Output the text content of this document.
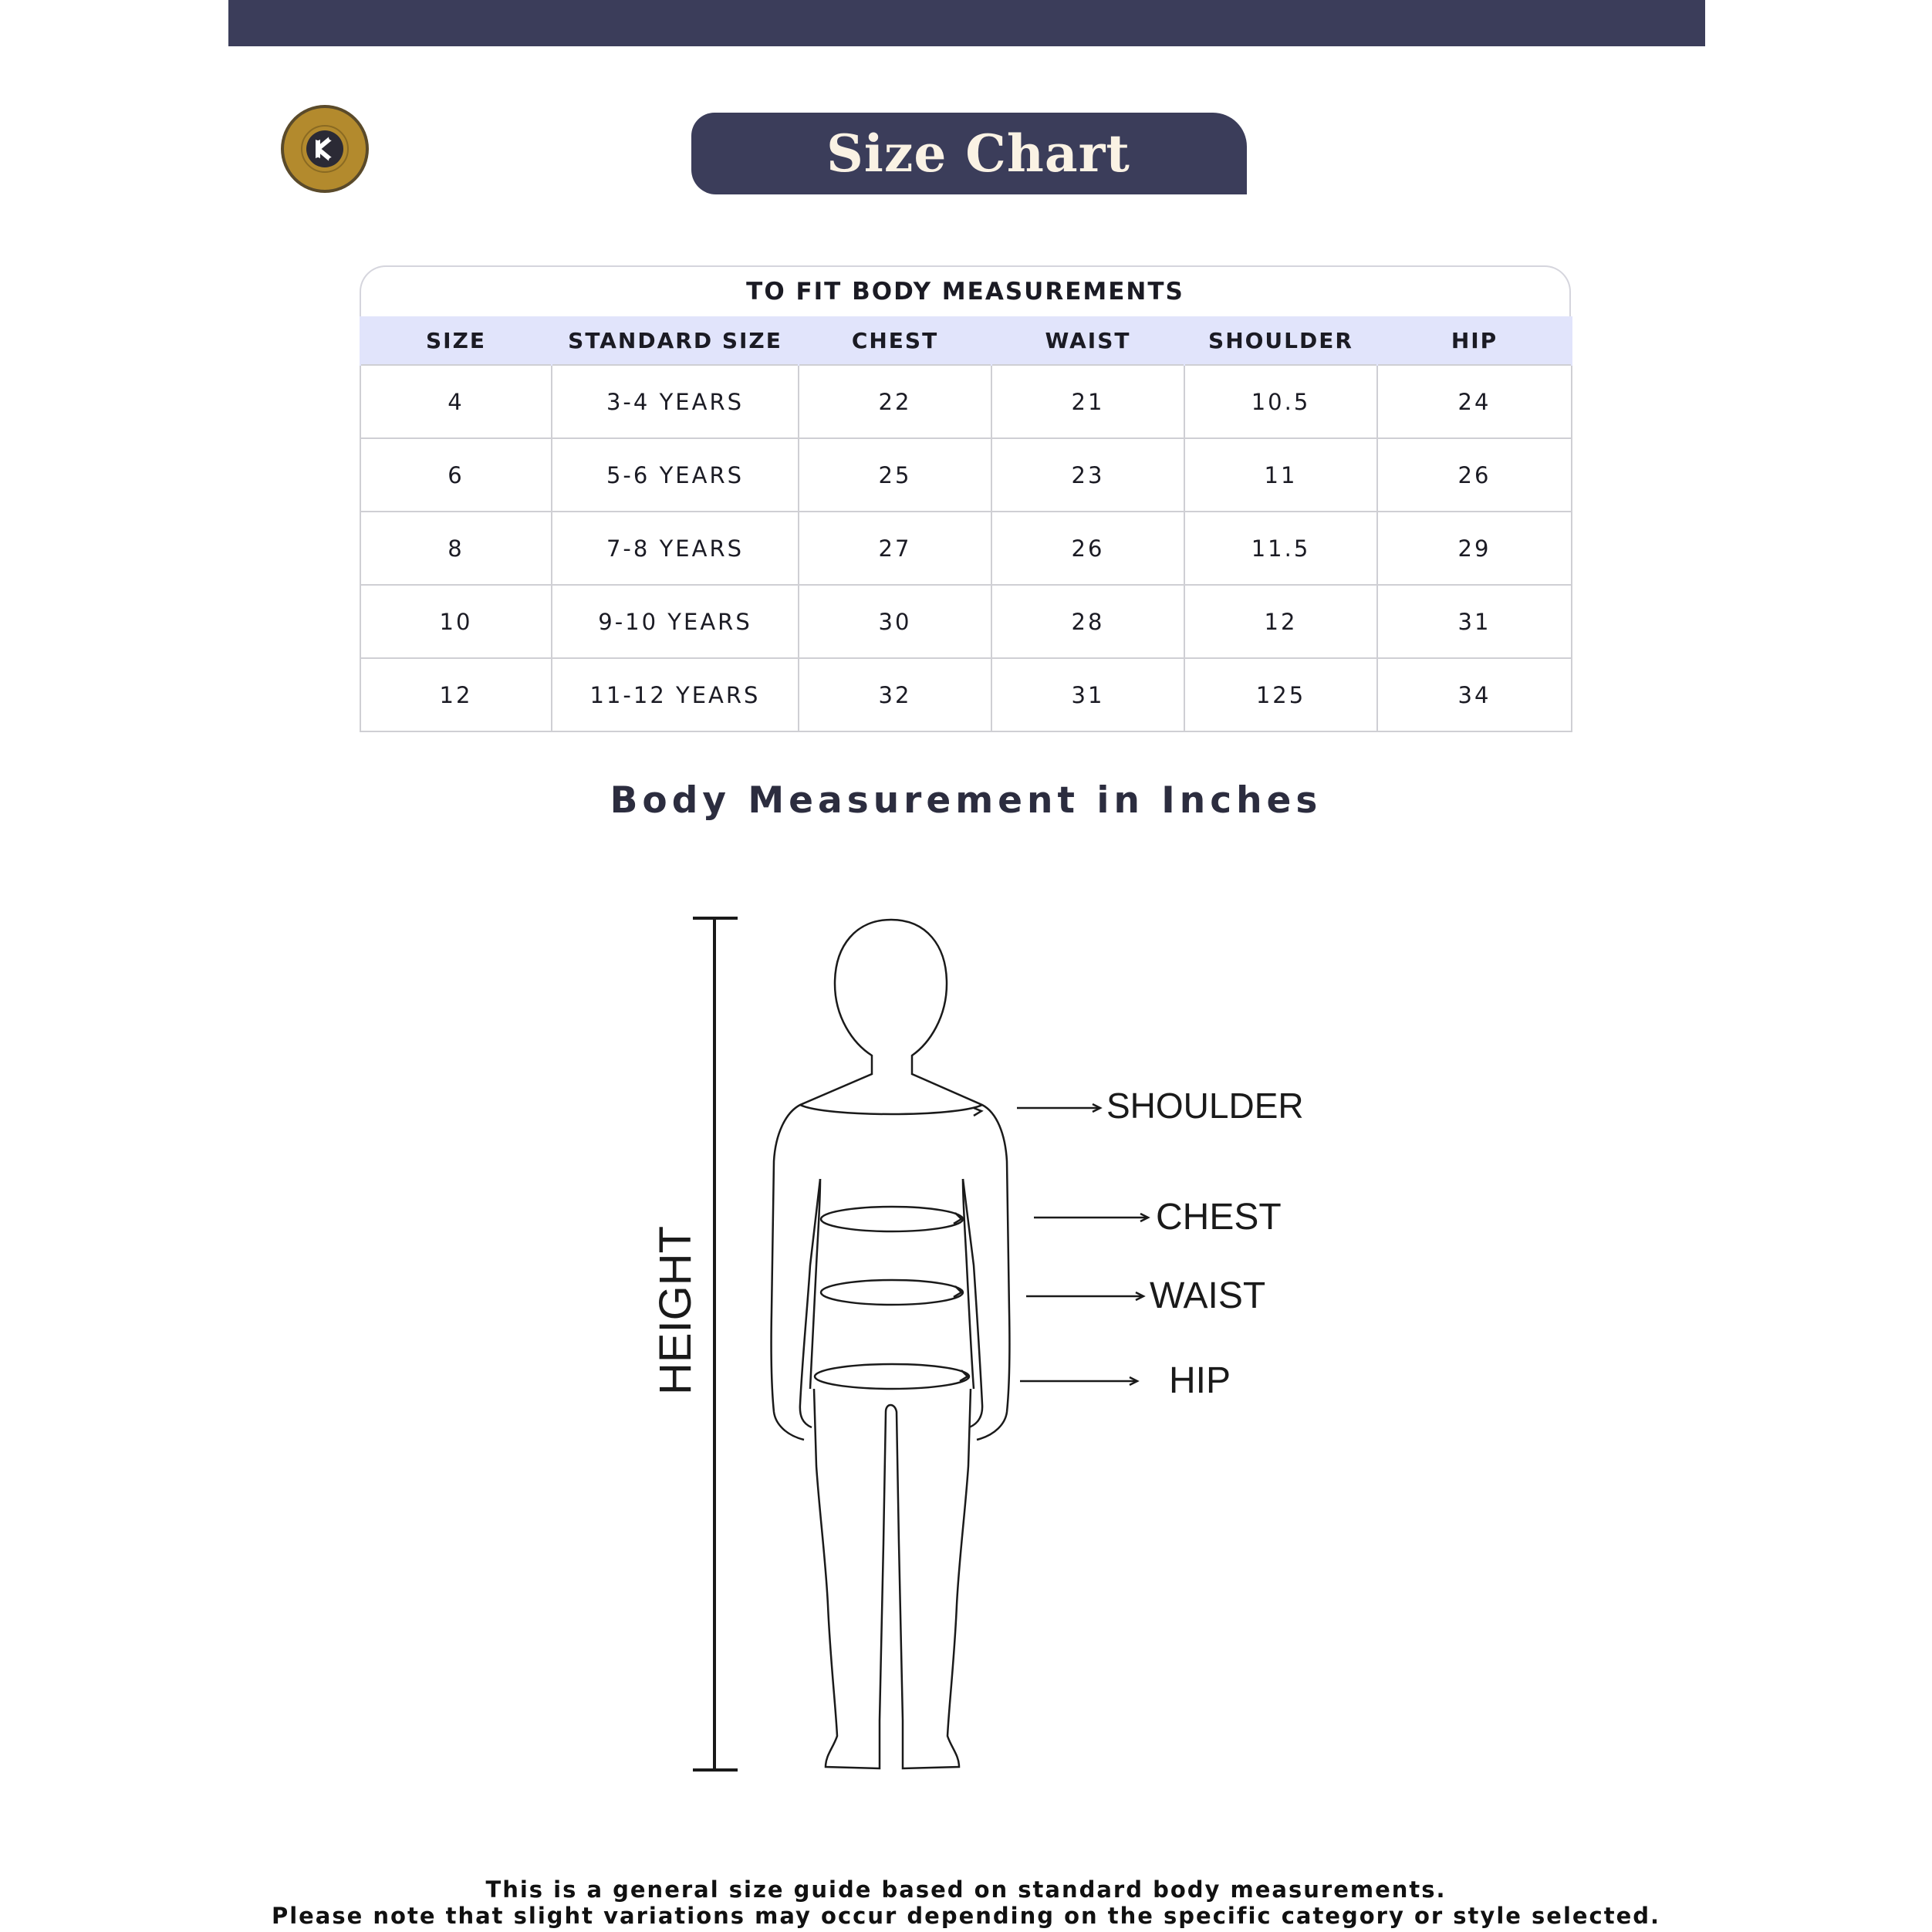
Size Chart
TO FIT BODY MEASUREMENTS
SIZE	STANDARD SIZE	CHEST	WAIST	SHOULDER	HIP
4	3-4 YEARS	22	21	10.5	24
6	5-6 YEARS	25	23	11	26
8	7-8 YEARS	27	26	11.5	29
10	9-10 YEARS	30	28	12	31
12	11-12 YEARS	32	31	125	34
Body Measurement in Inches
HEIGHT
SHOULDER
CHEST
WAIST
HIP
This is a general size guide based on standard body measurements.
Please note that slight variations may occur depending on the specific category or style selected.
